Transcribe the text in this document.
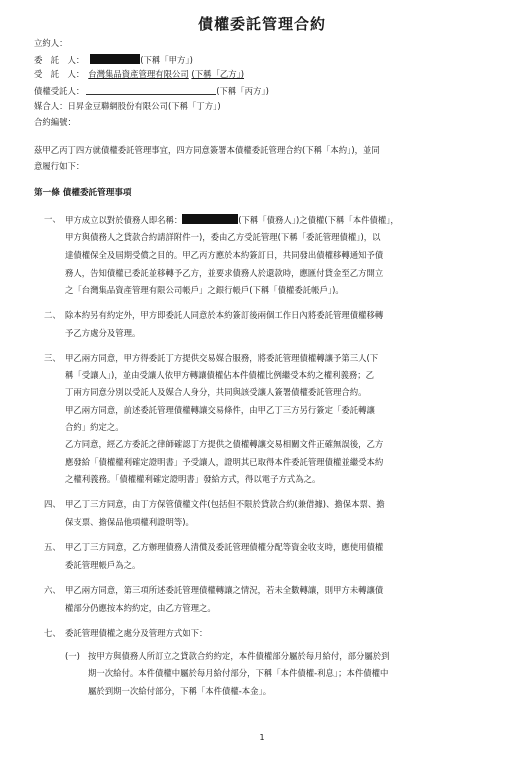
債權委託管理合約
立約人：
委　託　人：	(下稱「甲方」)
受　託　人： 台灣集品資產管理有限公司 (下稱「乙方」)
債權受託人：	(下稱「丙方」)
媒合人：日昇金豆聯網股份有限公司(下稱「丁方」)
合約編號：
茲甲乙丙丁四方就債權委託管理事宜，四方同意簽署本債權委託管理合約(下稱「本約」)，並同
意履行如下：
第一條 債權委託管理事項
一、 甲方成立以對於債務人即名稱：	(下稱「債務人」)之債權(下稱「本件債權」，
甲方與債務人之貸款合約請詳附件一)，委由乙方受託管理(下稱「委託管理債權」)，以
達債權保全及屆期受償之目的。甲乙丙方應於本約簽訂日，共同發出債權移轉通知予債
務人，告知債權已委託並移轉予乙方，並要求債務人於還款時，應匯付貸金至乙方開立
之「台灣集品資產管理有限公司帳戶」之銀行帳戶(下稱「債權委託帳戶」)。
二、 除本約另有約定外，甲方即委託人同意於本約簽訂後兩個工作日內將委託管理債權移轉
予乙方處分及管理。
三、 甲乙兩方同意，甲方得委託丁方提供交易媒合服務，將委託管理債權轉讓予第三人(下
稱「受讓人」)，並由受讓人依甲方轉讓債權佔本件債權比例繼受本約之權利義務；乙
丁兩方同意分別以受託人及媒合人身分，共同與該受讓人簽署債權委託管理合約。
甲乙兩方同意，前述委託管理債權轉讓交易條件，由甲乙丁三方另行簽定「委託轉讓
合約」約定之。
乙方同意，經乙方委託之律師確認丁方提供之債權轉讓交易相關文件正確無誤後，乙方
應發給「債權權利確定證明書」予受讓人，證明其已取得本件委託管理債權並繼受本約
之權利義務。「債權權利確定證明書」發給方式，得以電子方式為之。
四、 甲乙丁三方同意，由丁方保管債權文件(包括但不限於貸款合約(兼借據)、擔保本票、擔
保支票、擔保品他項權利證明等)。
五、 甲乙丁三方同意，乙方辦理債務人清償及委託管理債權分配等資金收支時，應使用債權
委託管理帳戶為之。
六、 甲乙兩方同意，第三項所述委託管理債權轉讓之情況，若未全數轉讓，則甲方未轉讓債
權部分仍應按本約約定，由乙方管理之。
七、 委託管理債權之處分及管理方式如下：
(一) 按甲方與債務人所訂立之貸款合約約定，本件債權部分屬於每月給付，部分屬於到
期一次給付。本件債權中屬於每月給付部分，下稱「本件債權-利息」；本件債權中
屬於到期一次給付部分，下稱「本件債權-本金」。
1
